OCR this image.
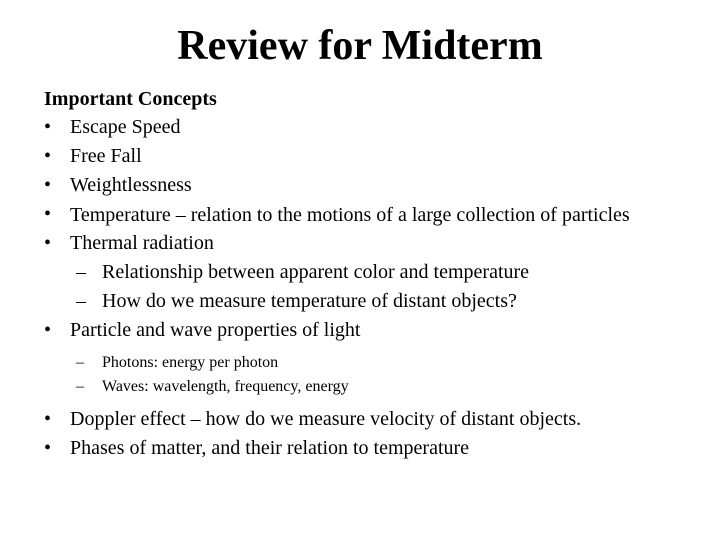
Review for Midterm
Important Concepts
• Escape Speed
• Free Fall
• Weightlessness
• Temperature – relation to the motions of a large collection of particles
• Thermal radiation
– Relationship between apparent color and temperature
– How do we measure temperature of distant objects?
• Particle and wave properties of light
– Photons: energy per photon
– Waves: wavelength, frequency, energy
• Doppler effect – how do we measure velocity of distant objects.
• Phases of matter, and their relation to temperature
